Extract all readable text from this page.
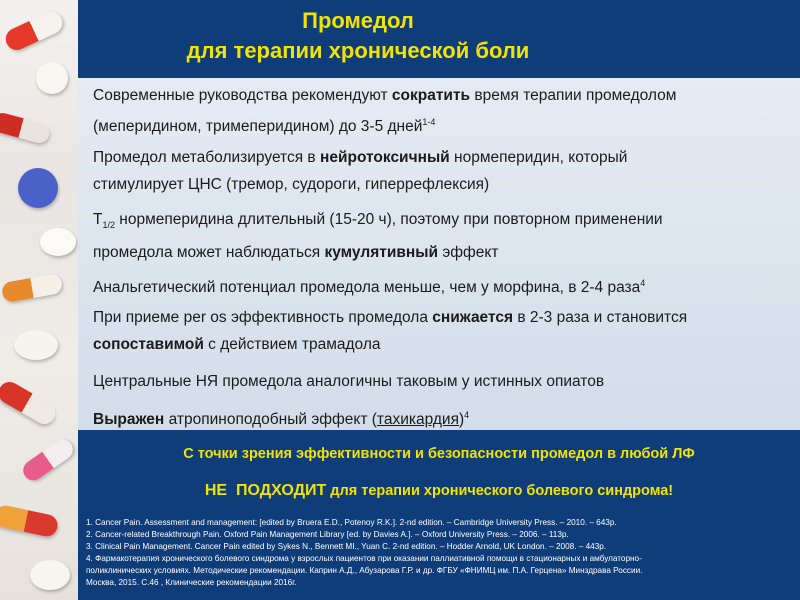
Промедол
для терапии хронической боли
Современные руководства рекомендуют сократить время терапии промедолом
(меперидином, тримеперидином) до 3-5 дней$^{1-4}$
Промедол метаболизируется в нейротоксичный нормеперидин, который
стимулирует ЦНС (тремор, судороги, гиперрефлексия)
$T_{1/2}$ нормеперидина длительный (15-20 ч), поэтому при повторном применении
промедола может наблюдаться кумулятивный эффект
Анальгетический потенциал промедола меньше, чем у морфина, в 2-4 раза$^4$
При приеме per os эффективность промедола снижается в 2-3 раза и становится
сопоставимой с действием трамадола
Центральные НЯ промедола аналогичны таковым у истинных опиатов
Выражен атропиноподобный эффект (тахикардия)$^4$
С точки зрения эффективности и безопасности промедол в любой ЛФ
НЕ  ПОДХОДИТ для терапии хронического болевого синдрома!
1. Cancer Pain. Assessment and management: [edited by Bruera E.D., Potenoy R.K.]. 2-nd edition. – Cambridge University Press. – 2010. – 643p.
2. Cancer-related Breakthrough Pain. Oxford Pain Management Library [ed. by Davies A.]. – Oxford University Press. – 2006. – 113p.
3. Clinical Pain Management. Cancer Pain edited by Sykes N., Bennett MI., Yuan C. 2-nd edition. – Hodder Arnold, UK London. – 2008. – 443p.
4. Фармакотерапия хронического болевого синдрома у взрослых пациентов при оказании паллиативной помощи в стационарных и амбулаторно-
поликлинических условиях. Методические рекомендации. Каприн А.Д., Абузарова Г.Р. и др. ФГБУ «ФНИМЦ им. П.А. Герцена» Минздрава России.
Москва, 2015. С.46 , Клинические рекомендации 2016г.
